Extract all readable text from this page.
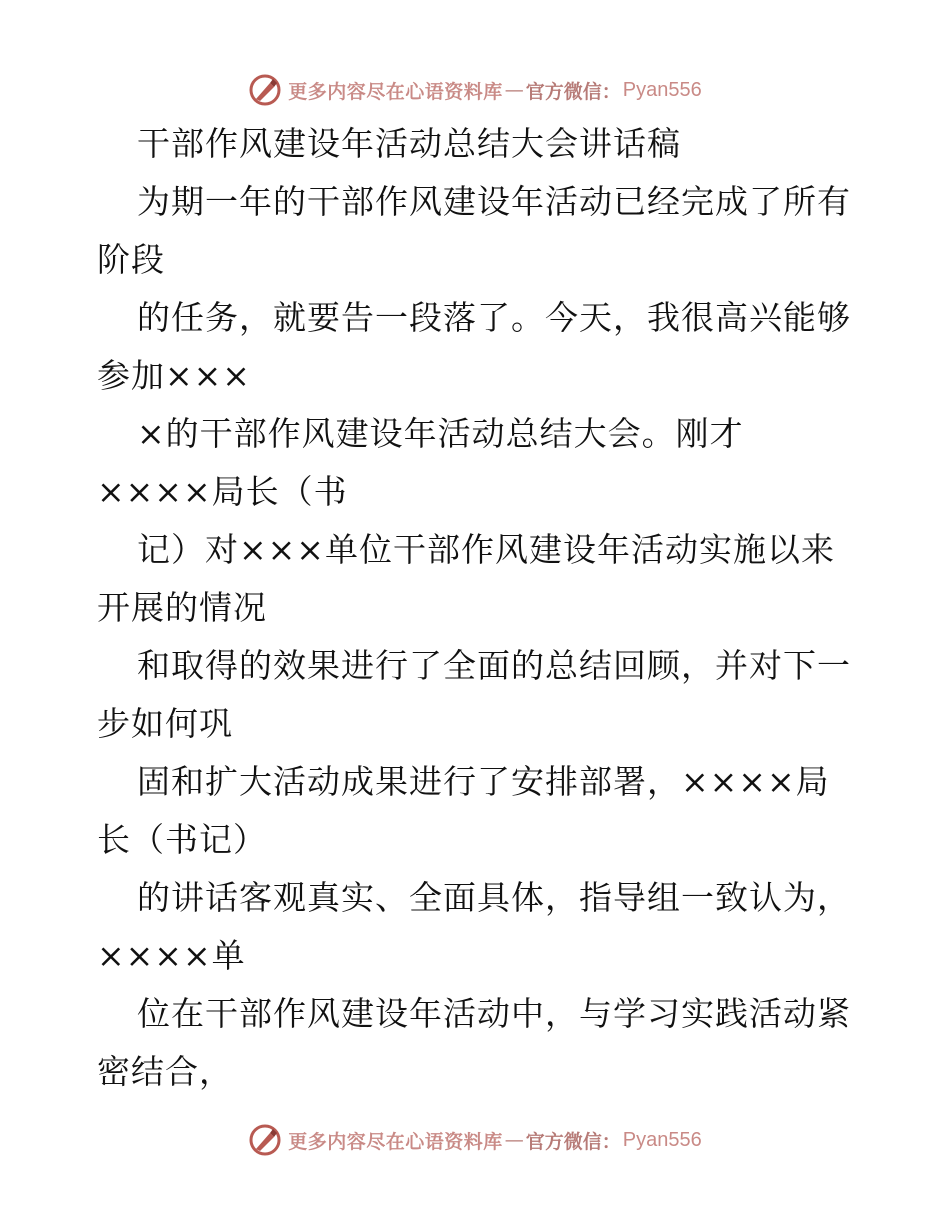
更多内容尽在心语资料库 — 官方微信： Pyan556
干部作风建设年活动总结大会讲话稿
为期一年的干部作风建设年活动已经完成了所有
阶段
的任务，就要告一段落了。今天，我很高兴能够
参加×××
×的干部作风建设年活动总结大会。刚才
××××局长（书
记）对×××单位干部作风建设年活动实施以来
开展的情况
和取得的效果进行了全面的总结回顾，并对下一
步如何巩
固和扩大活动成果进行了安排部署，××××局
长（书记）
的讲话客观真实、全面具体，指导组一致认为，
××××单
位在干部作风建设年活动中，与学习实践活动紧
密结合，
更多内容尽在心语资料库 — 官方微信： Pyan556
